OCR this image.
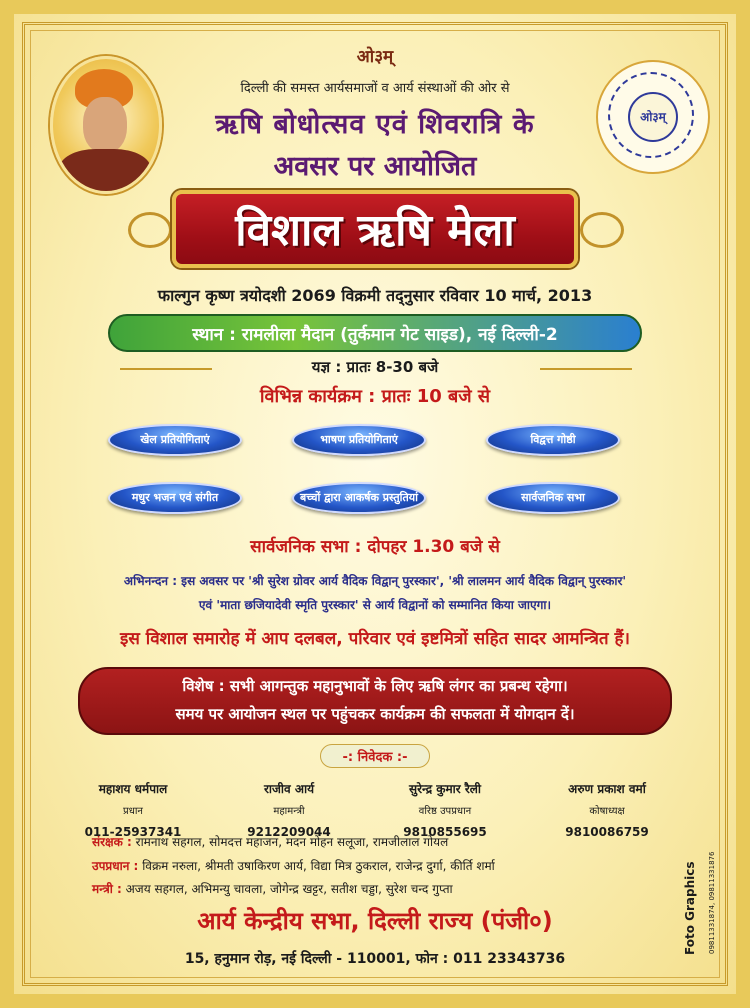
ओ३म्
ओ३म्
दिल्ली की समस्त आर्यसमाजों व आर्य संस्थाओं की ओर से
ऋषि बोधोत्सव एवं शिवरात्रि के
अवसर पर आयोजित
विशाल ऋषि मेला
फाल्गुन कृष्ण त्रयोदशी 2069 विक्रमी तद्नुसार रविवार 10 मार्च, 2013
स्थान : रामलीला मैदान (तुर्कमान गेट साइड), नई दिल्ली-2
यज्ञ : प्रातः 8-30 बजे
विभिन्न कार्यक्रम : प्रातः 10 बजे से
खेल प्रतियोगिताएं	भाषण प्रतियोगिताएं	विद्वत्त गोष्ठी
मधुर भजन एवं संगीत	बच्चों द्वारा आकर्षक प्रस्तुतियां	सार्वजनिक सभा
सार्वजनिक सभा : दोपहर 1.30 बजे से
अभिनन्दन : इस अवसर पर 'श्री सुरेश ग्रोवर आर्य वैदिक विद्वान् पुरस्कार', 'श्री लालमन आर्य वैदिक विद्वान् पुरस्कार'
एवं 'माता छजियादेवी स्मृति पुरस्कार' से आर्य विद्वानों को सम्मानित किया जाएगा।
इस विशाल समारोह में आप दलबल, परिवार एवं इष्टमित्रों सहित सादर आमन्त्रित हैं।
विशेष : सभी आगन्तुक महानुभावों के लिए ऋषि लंगर का प्रबन्ध रहेगा।
समय पर आयोजन स्थल पर पहुंचकर कार्यक्रम की सफलता में योगदान दें।
-: निवेदक :-
महाशय धर्मपाल
प्रधान
011-25937341
राजीव आर्य
महामन्त्री
9212209044
सुरेन्द्र कुमार रैली
वरिष्ठ उपप्रधान
9810855695
अरुण प्रकाश वर्मा
कोषाध्यक्ष
9810086759
संरक्षक : रामनाथ सहगल, सोमदत्त महाजन, मदन मोहन सलूजा, रामजीलाल गोयल
उपप्रधान : विक्रम नरुला, श्रीमती उषाकिरण आर्य, विद्या मित्र ठुकराल, राजेन्द्र दुर्गा, कीर्ति शर्मा
मन्त्री : अजय सहगल, अभिमन्यु चावला, जोगेन्द्र खट्टर, सतीश चड्डा, सुरेश चन्द गुप्ता
आर्य केन्द्रीय सभा, दिल्ली राज्य (पंजी०)
15, हनुमान रोड़, नई दिल्ली - 110001, फोन : 011 23343736
Foto Graphics 09811331874, 09811331876
